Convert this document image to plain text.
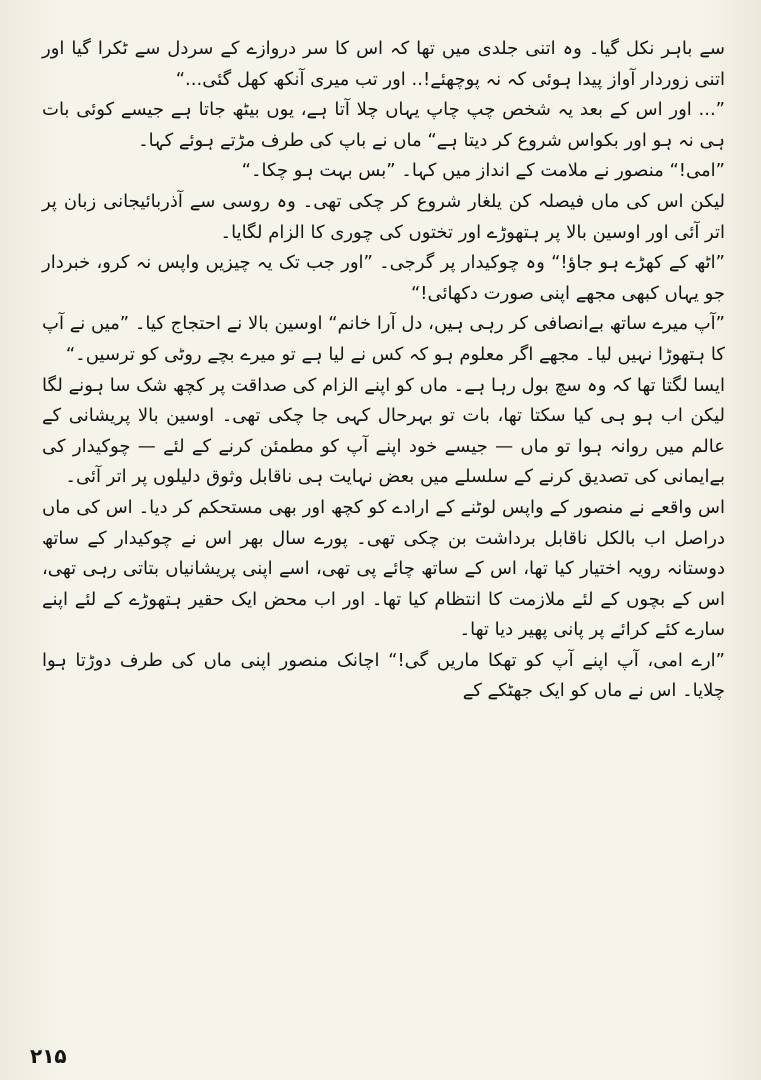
سے باہر نکل گیا۔ وہ اتنی جلدی میں تھا کہ اس کا سر دروازے کے سردل سے ٹکرا گیا اور اتنی زوردار آواز پیدا ہوئی کہ نہ پوچھئے!.. اور تب میری آنکھ کھل گئی...“

”... اور اس کے بعد یہ شخص چپ چاپ یہاں چلا آتا ہے، یوں بیٹھ جاتا ہے جیسے کوئی بات ہی نہ ہو اور بکواس شروع کر دیتا ہے“ ماں نے باپ کی طرف مڑتے ہوئے کہا۔

”امی!“ منصور نے ملامت کے انداز میں کہا۔ ”بس بہت ہو چکا۔“

لیکن اس کی ماں فیصلہ کن یلغار شروع کر چکی تھی۔ وہ روسی سے آذربائیجانی زبان پر اتر آئی اور اوسین بالا پر ہتھوڑے اور تختوں کی چوری کا الزام لگایا۔

”اٹھ کے کھڑے ہو جاؤ!“ وہ چوکیدار پر گرجی۔ ”اور جب تک یہ چیزیں واپس نہ کرو، خبردار جو یہاں کبھی مجھے اپنی صورت دکھائی!“

”آپ میرے ساتھ بےانصافی کر رہی ہیں، دل آرا خانم“ اوسین بالا نے احتجاج کیا۔ ”میں نے آپ کا ہتھوڑا نہیں لیا۔ مجھے اگر معلوم ہو کہ کس نے لیا ہے تو میرے بچے روٹی کو ترسیں۔“

ایسا لگتا تھا کہ وہ سچ بول رہا ہے۔ ماں کو اپنے الزام کی صداقت پر کچھ شک سا ہونے لگا لیکن اب ہو ہی کیا سکتا تھا، بات تو بہرحال کہی جا چکی تھی۔ اوسین بالا پریشانی کے عالم میں روانہ ہوا تو ماں — جیسے خود اپنے آپ کو مطمئن کرنے کے لئے — چوکیدار کی بےایمانی کی تصدیق کرنے کے سلسلے میں بعض نہایت ہی ناقابل وثوق دلیلوں پر اتر آئی۔

اس واقعے نے منصور کے واپس لوٹنے کے ارادے کو کچھ اور بھی مستحکم کر دیا۔ اس کی ماں دراصل اب بالکل ناقابل برداشت بن چکی تھی۔ پورے سال بھر اس نے چوکیدار کے ساتھ دوستانہ رویہ اختیار کیا تھا، اس کے ساتھ چائے پی تھی، اسے اپنی پریشانیاں بتاتی رہی تھی، اس کے بچوں کے لئے ملازمت کا انتظام کیا تھا۔ اور اب محض ایک حقیر ہتھوڑے کے لئے اپنے سارے کئے کرائے پر پانی پھیر دیا تھا۔

”ارے امی، آپ اپنے آپ کو تھکا ماریں گی!“ اچانک منصور اپنی ماں کی طرف دوڑتا ہوا چلایا۔ اس نے ماں کو ایک جھٹکے کے

۲۱۵
